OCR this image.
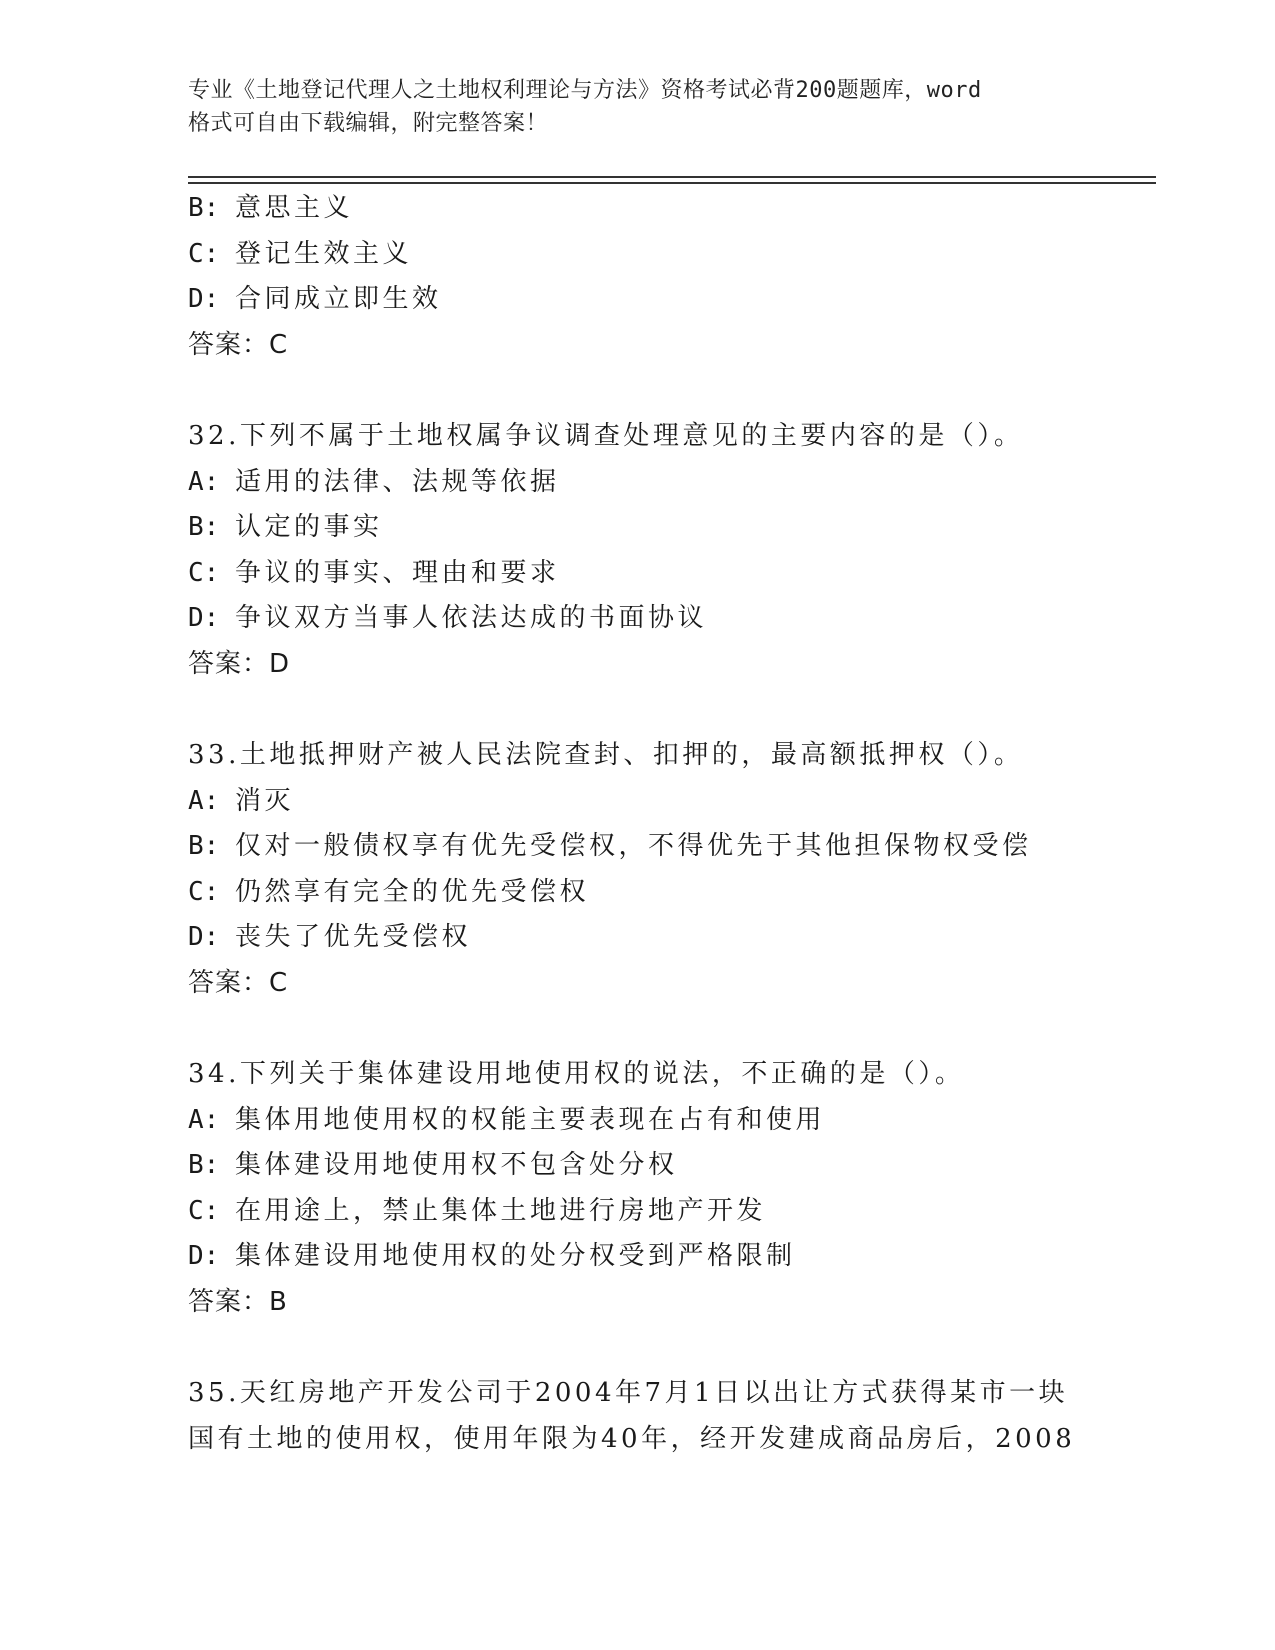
专业《土地登记代理人之土地权利理论与方法》资格考试必背200题题库，word
格式可自由下载编辑，附完整答案！
B: 意思主义
C: 登记生效主义
D: 合同成立即生效
答案：C
32.下列不属于土地权属争议调查处理意见的主要内容的是（）。
A: 适用的法律、法规等依据
B: 认定的事实
C: 争议的事实、理由和要求
D: 争议双方当事人依法达成的书面协议
答案：D
33.土地抵押财产被人民法院查封、扣押的，最高额抵押权（）。
A: 消灭
B: 仅对一般债权享有优先受偿权，不得优先于其他担保物权受偿
C: 仍然享有完全的优先受偿权
D: 丧失了优先受偿权
答案：C
34.下列关于集体建设用地使用权的说法，不正确的是（）。
A: 集体用地使用权的权能主要表现在占有和使用
B: 集体建设用地使用权不包含处分权
C: 在用途上，禁止集体土地进行房地产开发
D: 集体建设用地使用权的处分权受到严格限制
答案：B
35.天红房地产开发公司于2004年7月1日以出让方式获得某市一块
国有土地的使用权，使用年限为40年，经开发建成商品房后，2008
